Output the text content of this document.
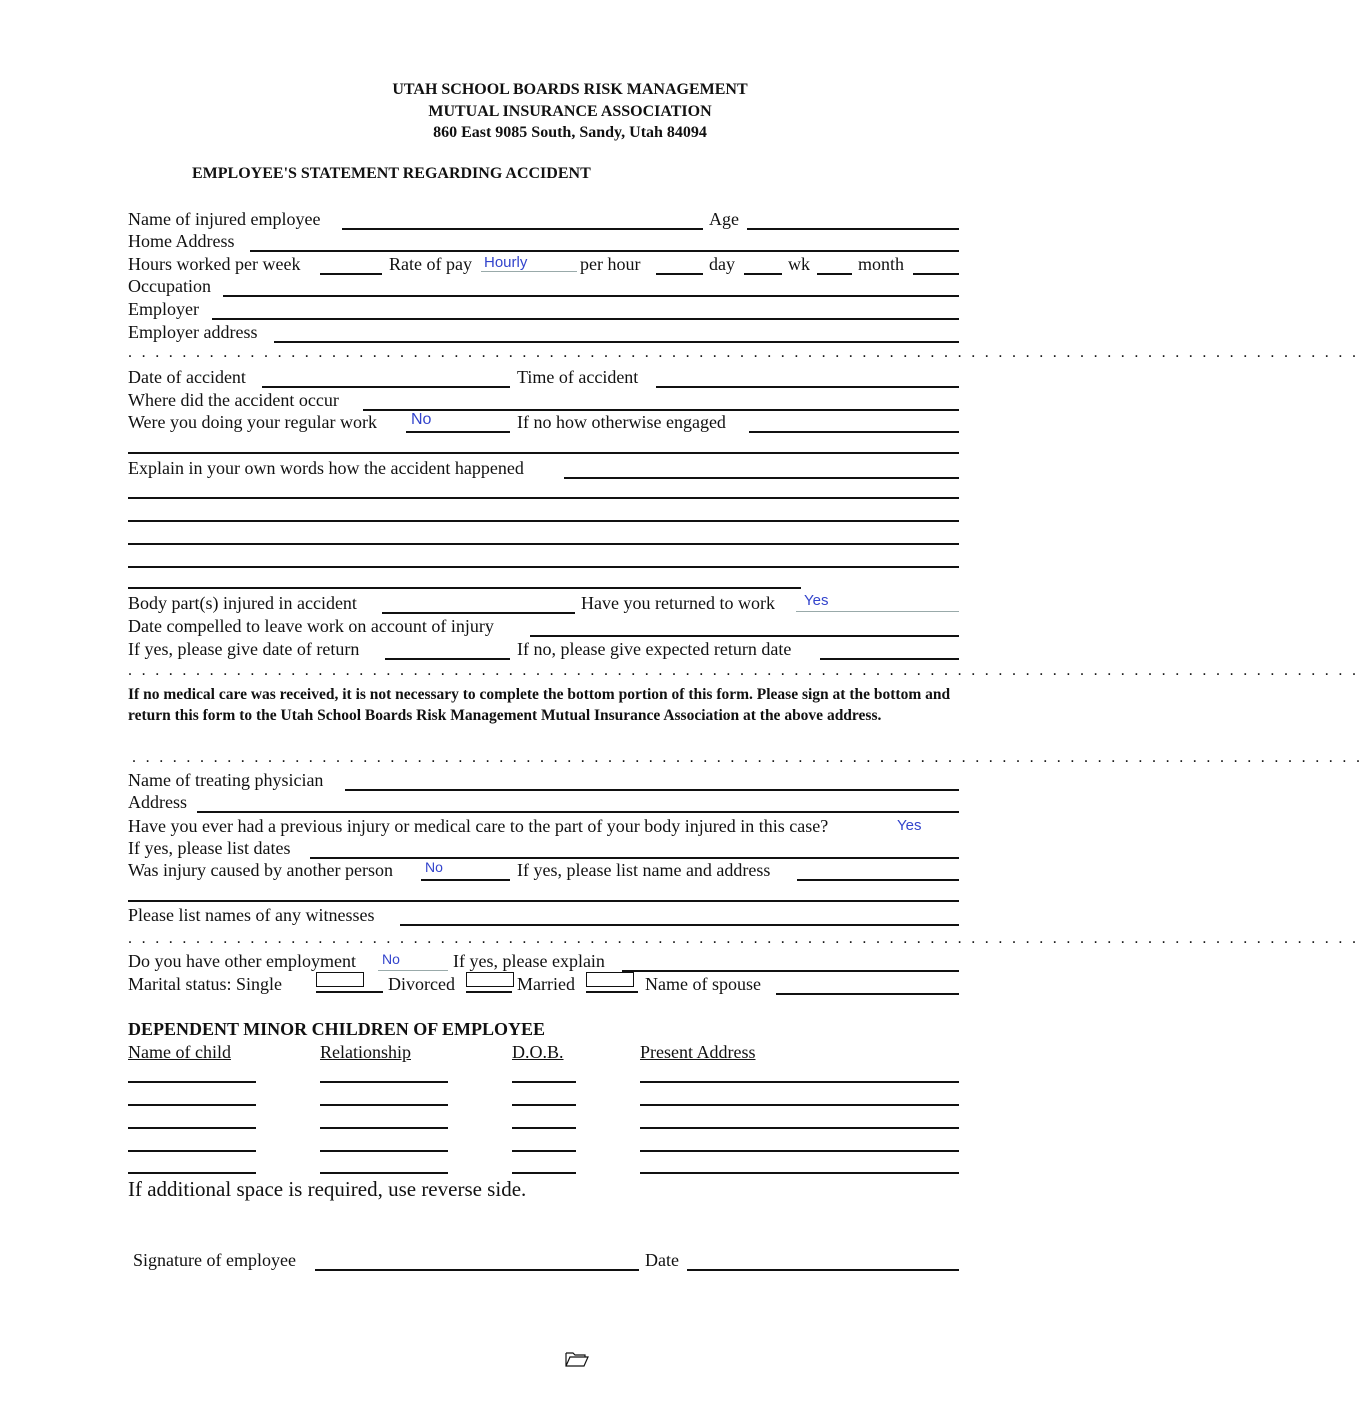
UTAH SCHOOL BOARDS RISK MANAGEMENT
MUTUAL INSURANCE ASSOCIATION
860 East 9085 South, Sandy, Utah 84094
EMPLOYEE'S STATEMENT REGARDING ACCIDENT
Name of injured employee	Age
Home Address
Hours worked per week	Rate of pay Hourly	per hour	day	wk	month
Occupation
Employer
Employer address
. . . . . . . . . . . . . . . . . . . . . . . . . . . . . . . . . . . . . . . . . . . . . . . . . . . . . . . . . . . . . . . . . . . . . . . . . . . . . . . . . . . . . . . . . . .
Date of accident	Time of accident
Where did the accident occur
Were you doing your regular work No	If no how otherwise engaged
Explain in your own words how the accident happened
Body part(s) injured in accident	Have you returned to work Yes
Date compelled to leave work on account of injury
If yes, please give date of return	If no, please give expected return date
. . . . . . . . . . . . . . . . . . . . . . . . . . . . . . . . . . . . . . . . . . . . . . . . . . . . . . . . . . . . . . . . . . . . . . . . . . . . . . . . . . . . . . . . . . .
If no medical care was received, it is not necessary to complete the bottom portion of this form. Please sign at the bottom and return this form to the Utah School Boards Risk Management Mutual Insurance Association at the above address.
. . . . . . . . . . . . . . . . . . . . . . . . . . . . . . . . . . . . . . . . . . . . . . . . . . . . . . . . . . . . . . . . . . . . . . . . . . . . . . . . . . . . . . . . . . .
Name of treating physician
Address
Have you ever had a previous injury or medical care to the part of your body injured in this case?	Yes
If yes, please list dates
Was injury caused by another person No	If yes, please list name and address
Please list names of any witnesses
. . . . . . . . . . . . . . . . . . . . . . . . . . . . . . . . . . . . . . . . . . . . . . . . . . . . . . . . . . . . . . . . . . . . . . . . . . . . . . . . . . . . . . . . . . .
Do you have other employment No	If yes, please explain
Marital status: Single	Divorced	Married	Name of spouse
DEPENDENT MINOR CHILDREN OF EMPLOYEE
Name of child	Relationship	D.O.B.	Present Address
If additional space is required, use reverse side.
Signature of employee	Date
